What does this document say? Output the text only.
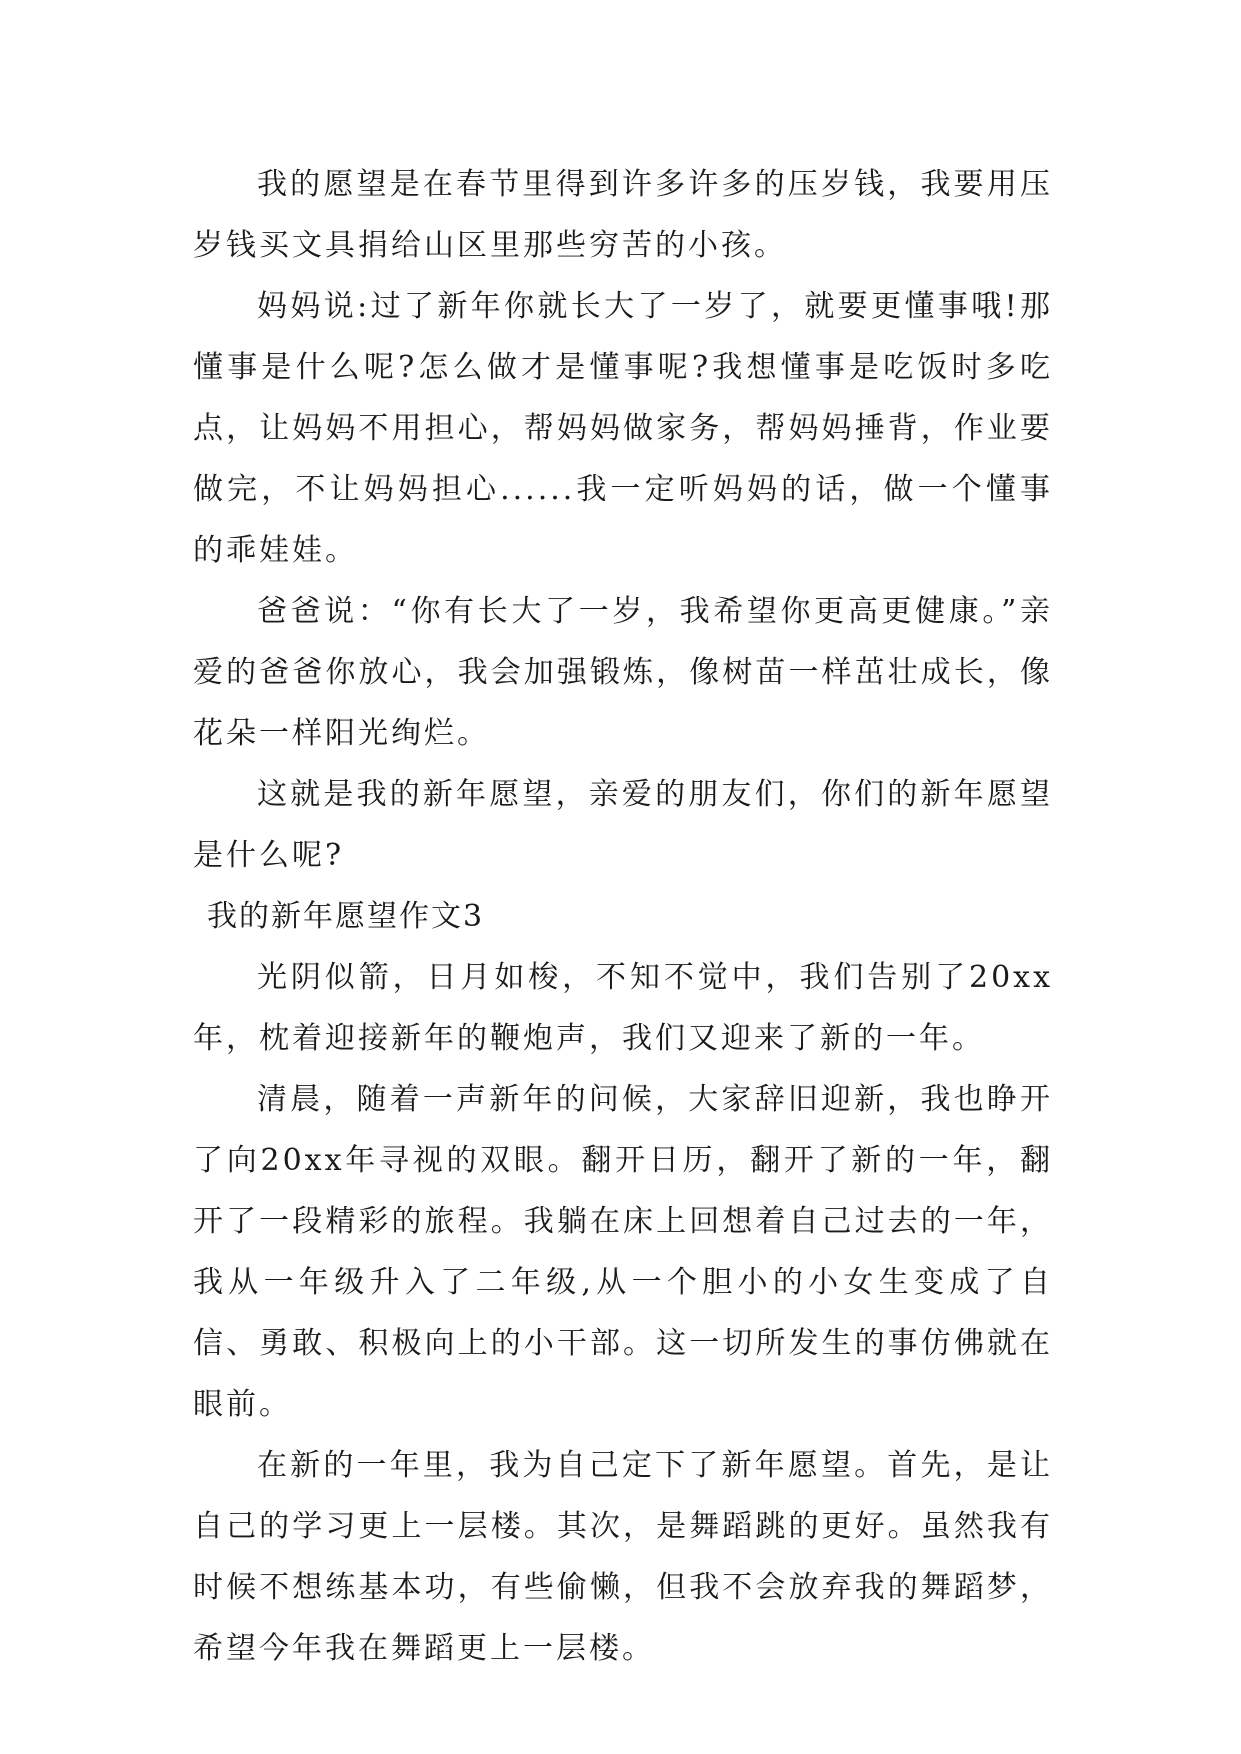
我的愿望是在春节里得到许多许多的压岁钱，我要用压岁钱买文具捐给山区里那些穷苦的小孩。

妈妈说:过了新年你就长大了一岁了，就要更懂事哦!那懂事是什么呢?怎么做才是懂事呢?我想懂事是吃饭时多吃点，让妈妈不用担心，帮妈妈做家务，帮妈妈捶背，作业要做完，不让妈妈担心......我一定听妈妈的话，做一个懂事的乖娃娃。

爸爸说：“你有长大了一岁，我希望你更高更健康。”亲爱的爸爸你放心，我会加强锻炼，像树苗一样茁壮成长，像花朵一样阳光绚烂。

这就是我的新年愿望，亲爱的朋友们，你们的新年愿望是什么呢?

我的新年愿望作文3

光阴似箭，日月如梭，不知不觉中，我们告别了20xx年，枕着迎接新年的鞭炮声，我们又迎来了新的一年。

清晨，随着一声新年的问候，大家辞旧迎新，我也睁开了向20xx年寻视的双眼。翻开日历，翻开了新的一年，翻开了一段精彩的旅程。我躺在床上回想着自己过去的一年，我从一年级升入了二年级,从一个胆小的小女生变成了自信、勇敢、积极向上的小干部。这一切所发生的事仿佛就在眼前。

在新的一年里，我为自己定下了新年愿望。首先，是让自己的学习更上一层楼。其次，是舞蹈跳的更好。虽然我有时候不想练基本功，有些偷懒，但我不会放弃我的舞蹈梦，希望今年我在舞蹈更上一层楼。
